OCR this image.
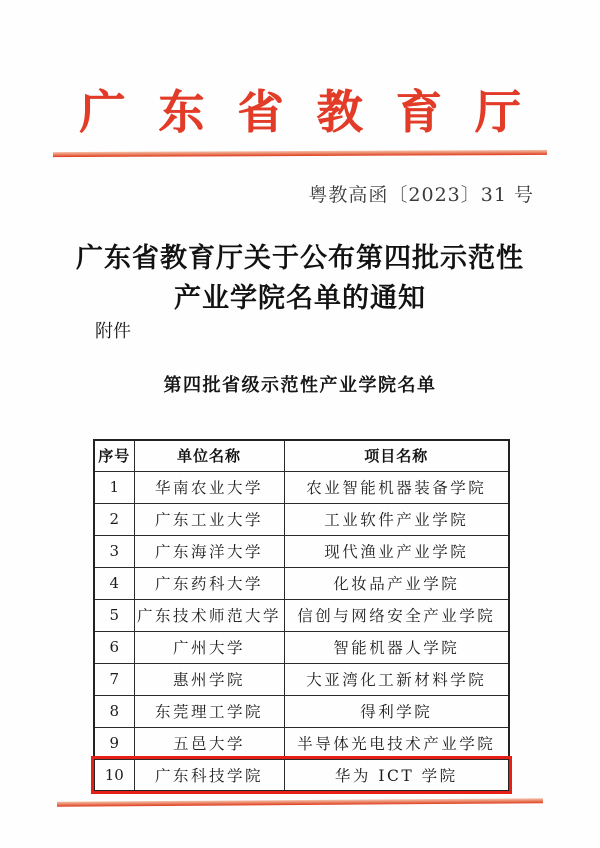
广东省教育厅
粤教高函〔2023〕31 号
广东省教育厅关于公布第四批示范性
产业学院名单的通知
附件
第四批省级示范性产业学院名单
序号	单位名称	项目名称
1	华南农业大学	农业智能机器装备学院
2	广东工业大学	工业软件产业学院
3	广东海洋大学	现代渔业产业学院
4	广东药科大学	化妆品产业学院
5	广东技术师范大学	信创与网络安全产业学院
6	广州大学	智能机器人学院
7	惠州学院	大亚湾化工新材料学院
8	东莞理工学院	得利学院
9	五邑大学	半导体光电技术产业学院
10	广东科技学院	华为 ICT 学院
